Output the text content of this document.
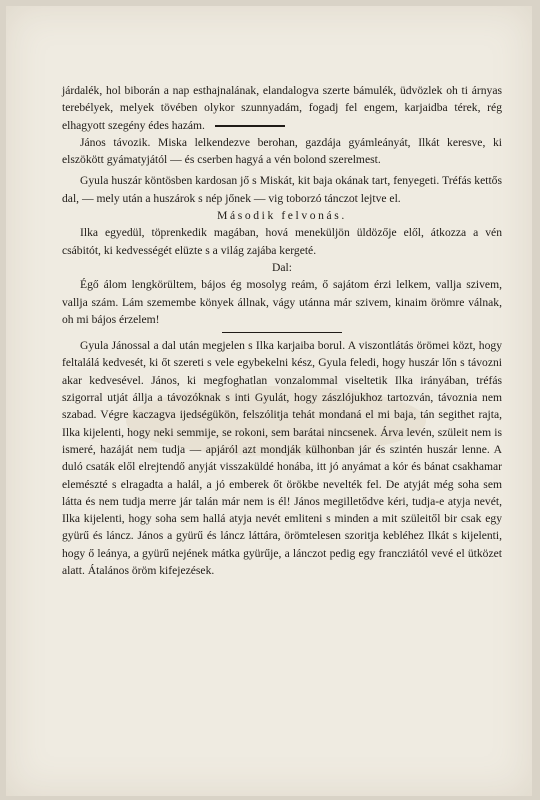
járdalék, hol biborán a nap esthajnalának, elandalogva szerte bámulék, üdvözlek oh ti árnyas terebélyek, melyek tövében olykor szunnyadám, fogadj fel engem, karjaidba térek, rég elhagyott szegény édes hazám.

János távozik. Miska lelkendezve berohan, gazdája gyámleányát, Ilkát keresve, ki elszökött gyámatyjától — és cserben hagyá a vén bolond szerelmest.

Gyula huszár köntösben kardosan jő s Miskát, kit baja okának tart, fenyegeti. Tréfás kettős dal, — mely után a huszárok s nép jőnek — vig toborzó tánczot lejtve el.

Második felvonás.

Ilka egyedül, töprenkedik magában, hová meneküljön üldözője elől, átkozza a vén csábitót, ki kedvességét elüzte s a világ zajába kergeté.

Dal:

Égő álom lengkörültem, bájos ég mosolyg reám, ő sajátom érzi lelkem, vallja szivem, vallja szám. Lám szemembe könyek állnak, vágy utánna már szivem, kinaim örömre válnak, oh mi bájos érzelem!

Gyula Jánossal a dal után megjelen s Ilka karjaiba borul. A viszontlátás örömei közt, hogy feltalálá kedvesét, ki őt szereti s vele egybekelni kész, Gyula feledi, hogy huszár lőn s távozni akar kedvesével. János, ki megfoghatlan vonzalommal viseltetik Ilka irányában, tréfás szigorral utját állja a távozóknak s inti Gyulát, hogy zászlójukhoz tartozván, távoznia nem szabad. Végre kaczagva ijedségükön, felszólitja tehát mondaná el mi baja, tán segithet rajta, Ilka kijelenti, hogy neki semmije, se rokoni, sem barátai nincsenek. Árva levén, szüleit nem is ismeré, hazáját nem tudja — apjáról azt mondják külhonban jár és szintén huszár lenne. A duló csaták elől elrejtendő anyját visszaküldé honába, itt jó anyámat a kór és bánat csakhamar elemészté s elragadta a halál, a jó emberek őt örökbe nevelték fel. De atyját még soha sem látta és nem tudja merre jár talán már nem is él! János megilletődve kéri, tudja-e atyja nevét, Ilka kijelenti, hogy soha sem hallá atyja nevét emliteni s minden a mit szüleitől bir csak egy gyürű és láncz. János a gyürű és láncz láttára, örömtelesen szoritja kebléhez Ilkát s kijelenti, hogy ő leánya, a gyürű nejének mátka gyürűje, a lánczot pedig egy francziától vevé el ütközet alatt. Átalános öröm kifejezések.
